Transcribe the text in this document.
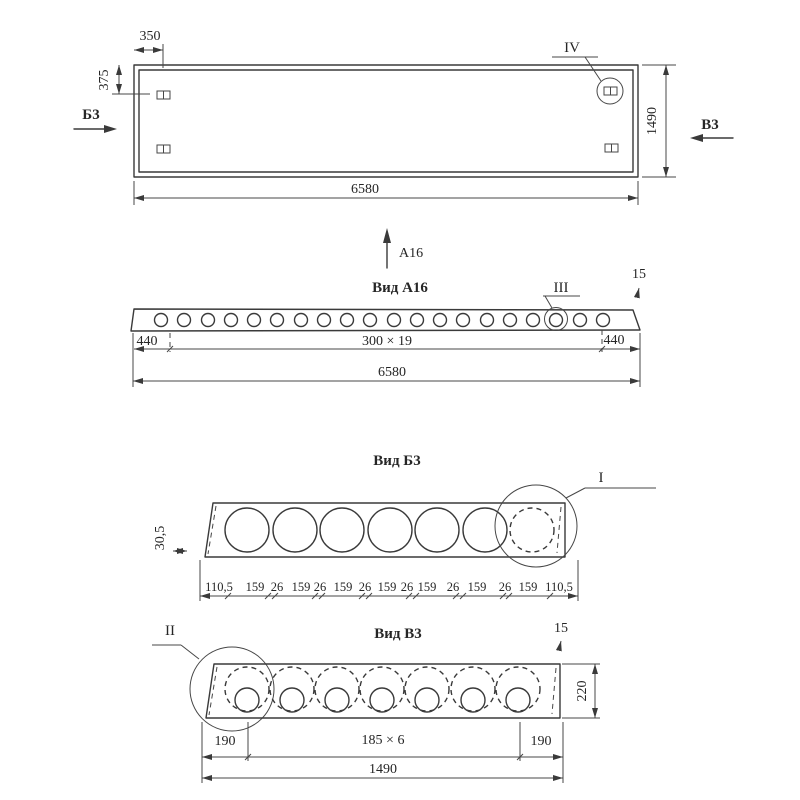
IV
Б3
В3
350
375
1490
6580
А16
Вид А16	III
15
440	300 × 19	440
6580
Вид Б3
I
30,5
110,5 159 26 159 26 159 26 159 26 159 26 159 26 159 110,5
Вид В3
II	15
220
190	185 × 6	190
1490
